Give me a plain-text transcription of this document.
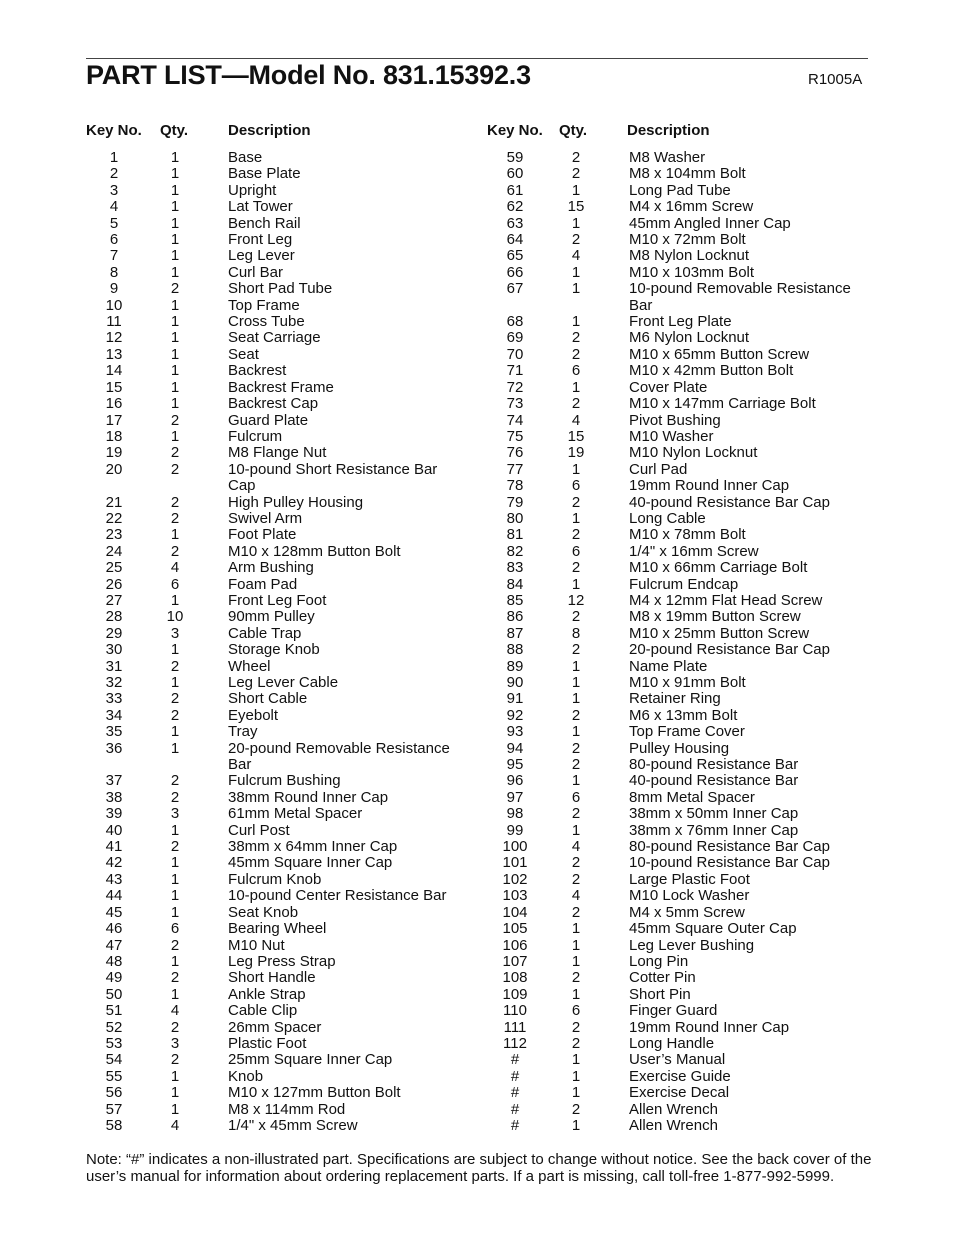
PART LIST—Model No. 831.15392.3	R1005A
Key No. Qty.	Description	Key No. Qty.	Description
1	1	Base
2	1	Base Plate
3	1	Upright
4	1	Lat Tower
5	1	Bench Rail
6	1	Front Leg
7	1	Leg Lever
8	1	Curl Bar
9	2	Short Pad Tube
10	1	Top Frame
11	1	Cross Tube
12	1	Seat Carriage
13	1	Seat
14	1	Backrest
15	1	Backrest Frame
16	1	Backrest Cap
17	2	Guard Plate
18	1	Fulcrum
19	2	M8 Flange Nut
20	2	10-pound Short Resistance Bar Cap
21	2	High Pulley Housing
22	2	Swivel Arm
23	1	Foot Plate
24	2	M10 x 128mm Button Bolt
25	4	Arm Bushing
26	6	Foam Pad
27	1	Front Leg Foot
28	10	90mm Pulley
29	3	Cable Trap
30	1	Storage Knob
31	2	Wheel
32	1	Leg Lever Cable
33	2	Short Cable
34	2	Eyebolt
35	1	Tray
36	1	20-pound Removable Resistance Bar
37	2	Fulcrum Bushing
38	2	38mm Round Inner Cap
39	3	61mm Metal Spacer
40	1	Curl Post
41	2	38mm x 64mm Inner Cap
42	1	45mm Square Inner Cap
43	1	Fulcrum Knob
44	1	10-pound Center Resistance Bar
45	1	Seat Knob
46	6	Bearing Wheel
47	2	M10 Nut
48	1	Leg Press Strap
49	2	Short Handle
50	1	Ankle Strap
51	4	Cable Clip
52	2	26mm Spacer
53	3	Plastic Foot
54	2	25mm Square Inner Cap
55	1	Knob
56	1	M10 x 127mm Button Bolt
57	1	M8 x 114mm Rod
58	4	1/4" x 45mm Screw
59	2	M8 Washer
60	2	M8 x 104mm Bolt
61	1	Long Pad Tube
62	15	M4 x 16mm Screw
63	1	45mm Angled Inner Cap
64	2	M10 x 72mm Bolt
65	4	M8 Nylon Locknut
66	1	M10 x 103mm Bolt
67	1	10-pound Removable Resistance Bar
68	1	Front Leg Plate
69	2	M6 Nylon Locknut
70	2	M10 x 65mm Button Screw
71	6	M10 x 42mm Button Bolt
72	1	Cover Plate
73	2	M10 x 147mm Carriage Bolt
74	4	Pivot Bushing
75	15	M10 Washer
76	19	M10 Nylon Locknut
77	1	Curl Pad
78	6	19mm Round Inner Cap
79	2	40-pound Resistance Bar Cap
80	1	Long Cable
81	2	M10 x 78mm Bolt
82	6	1/4" x 16mm Screw
83	2	M10 x 66mm Carriage Bolt
84	1	Fulcrum Endcap
85	12	M4 x 12mm Flat Head Screw
86	2	M8 x 19mm Button Screw
87	8	M10 x 25mm Button Screw
88	2	20-pound Resistance Bar Cap
89	1	Name Plate
90	1	M10 x 91mm Bolt
91	1	Retainer Ring
92	2	M6 x 13mm Bolt
93	1	Top Frame Cover
94	2	Pulley Housing
95	2	80-pound Resistance Bar
96	1	40-pound Resistance Bar
97	6	8mm Metal Spacer
98	2	38mm x 50mm Inner Cap
99	1	38mm x 76mm Inner Cap
100	4	80-pound Resistance Bar Cap
101	2	10-pound Resistance Bar Cap
102	2	Large Plastic Foot
103	4	M10 Lock Washer
104	2	M4 x 5mm Screw
105	1	45mm Square Outer Cap
106	1	Leg Lever Bushing
107	1	Long Pin
108	2	Cotter Pin
109	1	Short Pin
110	6	Finger Guard
111	2	19mm Round Inner Cap
112	2	Long Handle
#	1	User’s Manual
#	1	Exercise Guide
#	1	Exercise Decal
#	2	Allen Wrench
#	1	Allen Wrench
Note: “#” indicates a non-illustrated part. Specifications are subject to change without notice. See the back cover of the user’s manual for information about ordering replacement parts. If a part is missing, call toll-free 1-877-992-5999.
